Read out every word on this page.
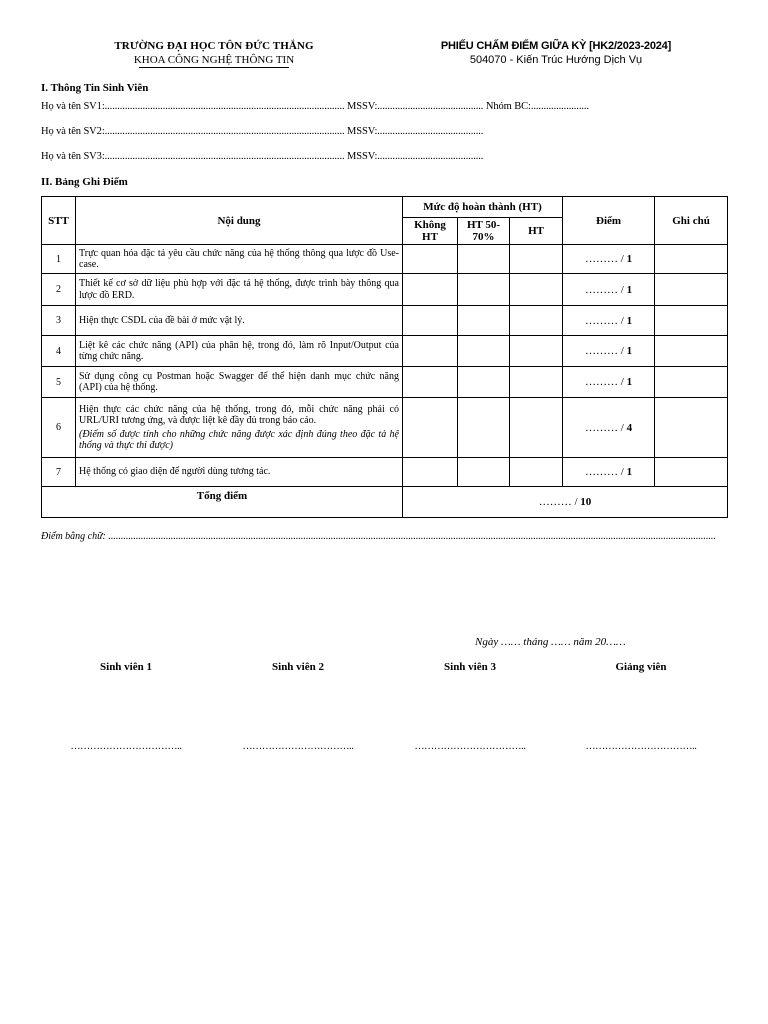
TRƯỜNG ĐẠI HỌC TÔN ĐỨC THẮNG
KHOA CÔNG NGHỆ THÔNG TIN
PHIẾU CHẤM ĐIỂM GIỮA KỲ [HK2/2023-2024]
504070 - Kiến Trúc Hướng Dịch Vụ
I. Thông Tin Sinh Viên
Họ và tên SV1:............................................................................................... MSSV:.......................................... Nhóm BC:.......................
Họ và tên SV2:............................................................................................... MSSV:..........................................
Họ và tên SV3:............................................................................................... MSSV:..........................................
II. Bảng Ghi Điểm
STT	Nội dung	Mức độ hoàn thành (HT)			Điểm	Ghi chú
		Không HT	HT 50-70%	HT		
1	Trực quan hóa đặc tả yêu cầu chức năng của hệ thống thông qua lược đồ Use-case.				……… / 1	
2	Thiết kế cơ sở dữ liệu phù hợp với đặc tả hệ thống, được trình bày thông qua lược đồ ERD.				……… / 1	
3	Hiện thực CSDL của đề bài ở mức vật lý.				……… / 1	
4	Liệt kê các chức năng (API) của phân hệ, trong đó, làm rõ Input/Output của từng chức năng.				……… / 1	
5	Sử dụng công cụ Postman hoặc Swagger để thể hiện danh mục chức năng (API) của hệ thống.				……… / 1	
6	Hiện thực các chức năng của hệ thống, trong đó, mỗi chức năng phải có URL/URI tương ứng, và được liệt kê đầy đủ trong báo cáo.
(Điểm số được tính cho những chức năng được xác định đúng theo đặc tả hệ thống và thực thi được)				……… / 4	
7	Hệ thống có giao diện để người dùng tương tác.				……… / 1	
Tổng điểm		……… / 10				
Điểm bằng chữ: ...................................................................................................................................................................................................................................................
Ngày …… tháng …… năm 20……
Sinh viên 1	Sinh viên 2	Sinh viên 3	Giảng viên
……………………………..	……………………………..	……………………………..	……………………………..
